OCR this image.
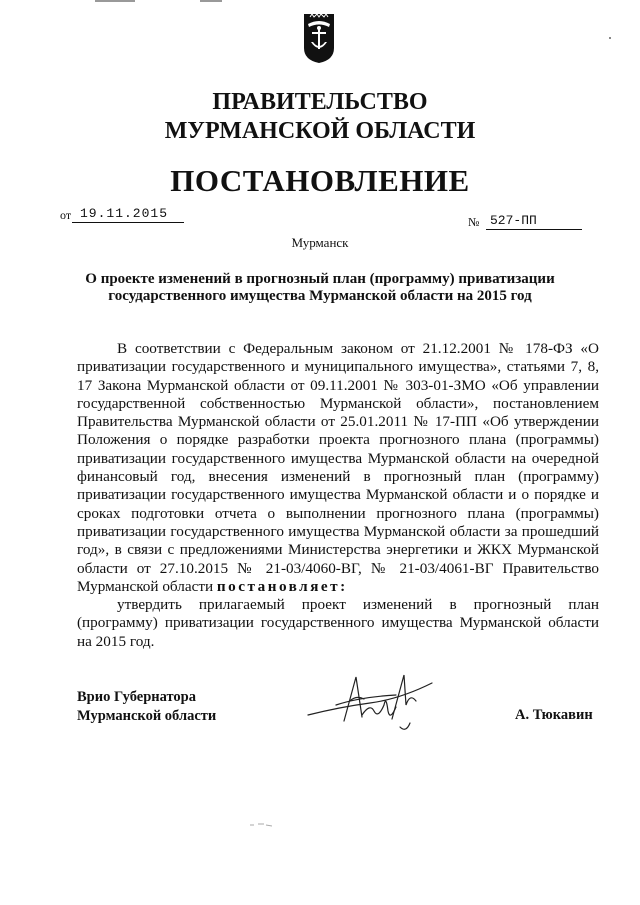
ПРАВИТЕЛЬСТВО
МУРМАНСКОЙ ОБЛАСТИ
ПОСТАНОВЛЕНИЕ
от 19.11.2015
№ 527-ПП
Мурманск
О проекте изменений в прогнозный план (программу) приватизации
государственного имущества Мурманской области на 2015 год

В соответствии с Федеральным законом от 21.12.2001 № 178-ФЗ «О приватизации государственного и муниципального имущества», статьями 7, 8, 17 Закона Мурманской области от 09.11.2001 № 303-01-ЗМО «Об управлении государственной собственностью Мурманской области», постановлением Правительства Мурманской области от 25.01.2011 № 17-ПП «Об утверждении Положения о порядке разработки проекта прогнозного плана (программы) приватизации государственного имущества Мурманской области на очередной финансовый год, внесения изменений в прогнозный план (программу) приватизации государственного имущества Мурманской области и о порядке и сроках подготовки отчета о выполнении прогнозного плана (программы) приватизации государственного имущества Мурманской области за прошедший год», в связи с предложениями Министерства энергетики и ЖКХ Мурманской области от 27.10.2015 № 21-03/4060-ВГ, № 21-03/4061-ВГ Правительство Мурманской области постановляет:

утвердить прилагаемый проект изменений в прогнозный план (программу) приватизации государственного имущества Мурманской области на 2015 год.

Врио Губернатора
Мурманской области	А. Тюкавин
